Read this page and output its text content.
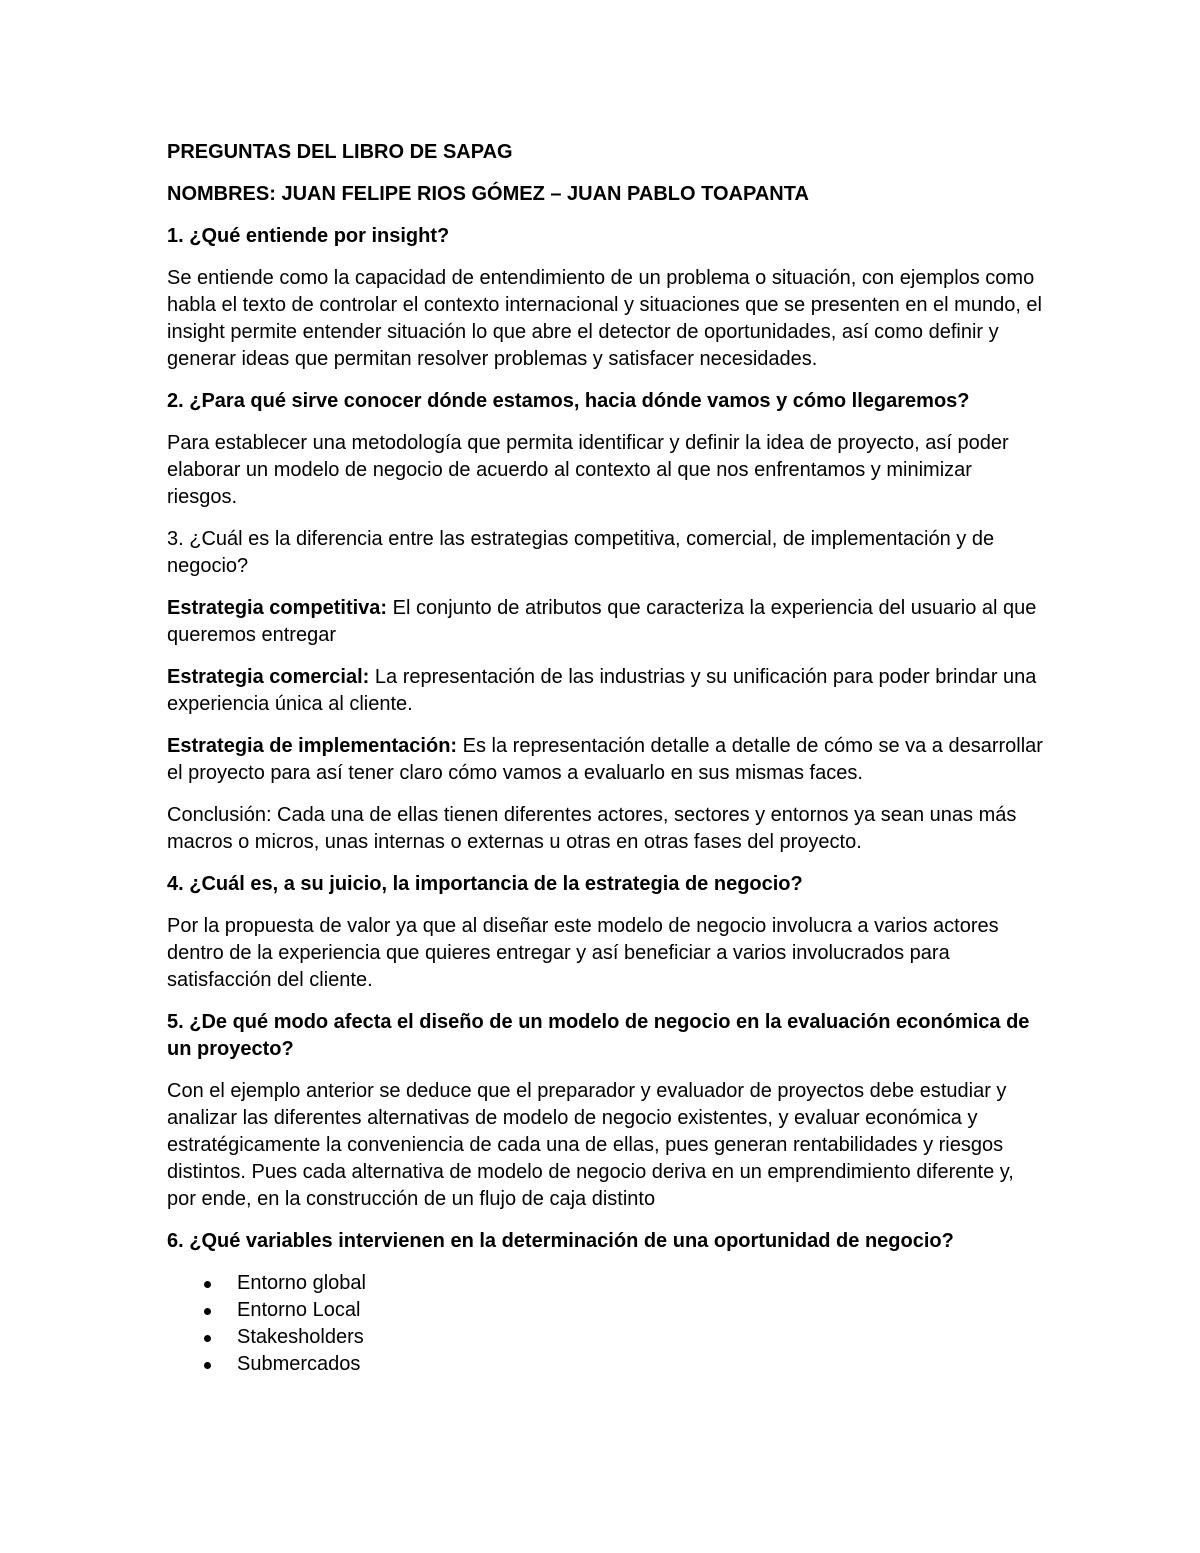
PREGUNTAS DEL LIBRO DE SAPAG

NOMBRES: JUAN FELIPE RIOS GÓMEZ – JUAN PABLO TOAPANTA

1. ¿Qué entiende por insight?

Se entiende como la capacidad de entendimiento de un problema o situación, con ejemplos como habla el texto de controlar el contexto internacional y situaciones que se presenten en el mundo, el insight permite entender situación lo que abre el detector de oportunidades, así como definir y generar ideas que permitan resolver problemas y satisfacer necesidades.

2. ¿Para qué sirve conocer dónde estamos, hacia dónde vamos y cómo llegaremos?

Para establecer una metodología que permita identificar y definir la idea de proyecto, así poder elaborar un modelo de negocio de acuerdo al contexto al que nos enfrentamos y minimizar riesgos.

3. ¿Cuál es la diferencia entre las estrategias competitiva, comercial, de implementación y de negocio?

Estrategia competitiva: El conjunto de atributos que caracteriza la experiencia del usuario al que queremos entregar

Estrategia comercial: La representación de las industrias y su unificación para poder brindar una experiencia única al cliente.

Estrategia de implementación: Es la representación detalle a detalle de cómo se va a desarrollar el proyecto para así tener claro cómo vamos a evaluarlo en sus mismas faces.

Conclusión: Cada una de ellas tienen diferentes actores, sectores y entornos ya sean unas más macros o micros, unas internas o externas u otras en otras fases del proyecto.

4. ¿Cuál es, a su juicio, la importancia de la estrategia de negocio?

Por la propuesta de valor ya que al diseñar este modelo de negocio involucra a varios actores dentro de la experiencia que quieres entregar y así beneficiar a varios involucrados para satisfacción del cliente.

5. ¿De qué modo afecta el diseño de un modelo de negocio en la evaluación económica de un proyecto?

Con el ejemplo anterior se deduce que el preparador y evaluador de proyectos debe estudiar y analizar las diferentes alternativas de modelo de negocio existentes, y evaluar económica y estratégicamente la conveniencia de cada una de ellas, pues generan rentabilidades y riesgos distintos. Pues cada alternativa de modelo de negocio deriva en un emprendimiento diferente y, por ende, en la construcción de un flujo de caja distinto

6. ¿Qué variables intervienen en la determinación de una oportunidad de negocio?

Entorno global
Entorno Local
Stakesholders
Submercados
